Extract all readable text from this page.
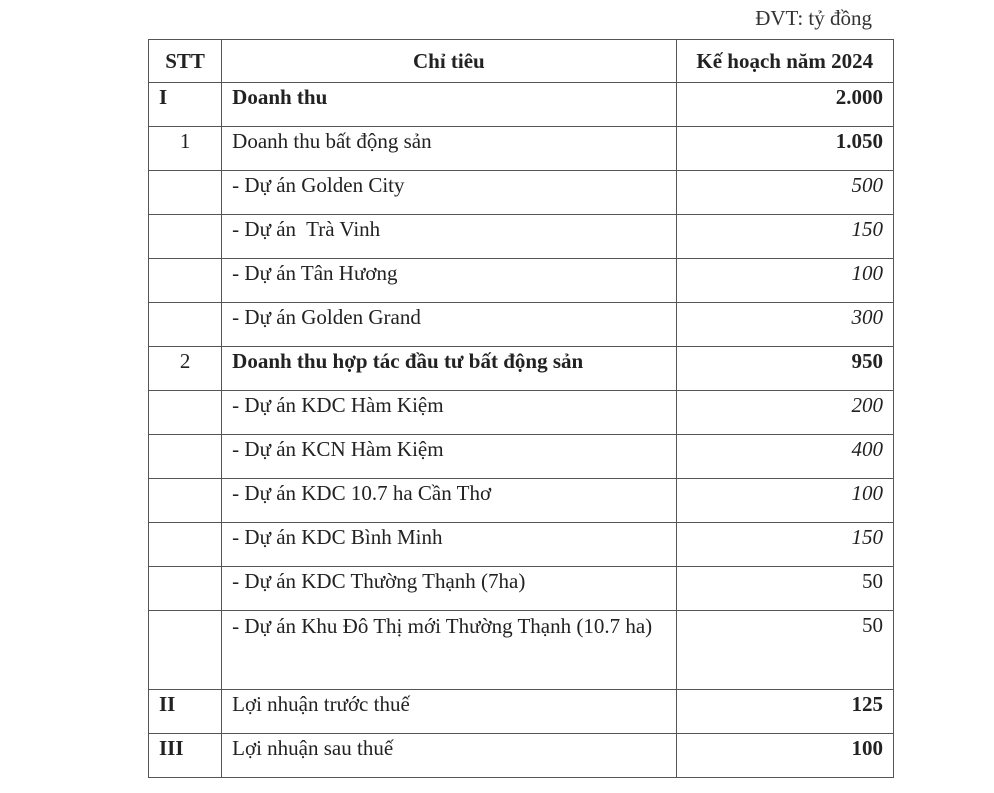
ĐVT: tỷ đồng
STT	Chỉ tiêu	Kế hoạch năm 2024
I	Doanh thu	2.000
1	Doanh thu bất động sản	1.050
	- Dự án Golden City	500
	- Dự án  Trà Vinh	150
	- Dự án Tân Hương	100
	- Dự án Golden Grand	300
2	Doanh thu hợp tác đầu tư bất động sản	950
	- Dự án KDC Hàm Kiệm	200
	- Dự án KCN Hàm Kiệm	400
	- Dự án KDC 10.7 ha Cần Thơ	100
	- Dự án KDC Bình Minh	150
	- Dự án KDC Thường Thạnh (7ha)	50
	- Dự án Khu Đô Thị mới Thường Thạnh (10.7 ha)	50
II	Lợi nhuận trước thuế	125
III	Lợi nhuận sau thuế	100
